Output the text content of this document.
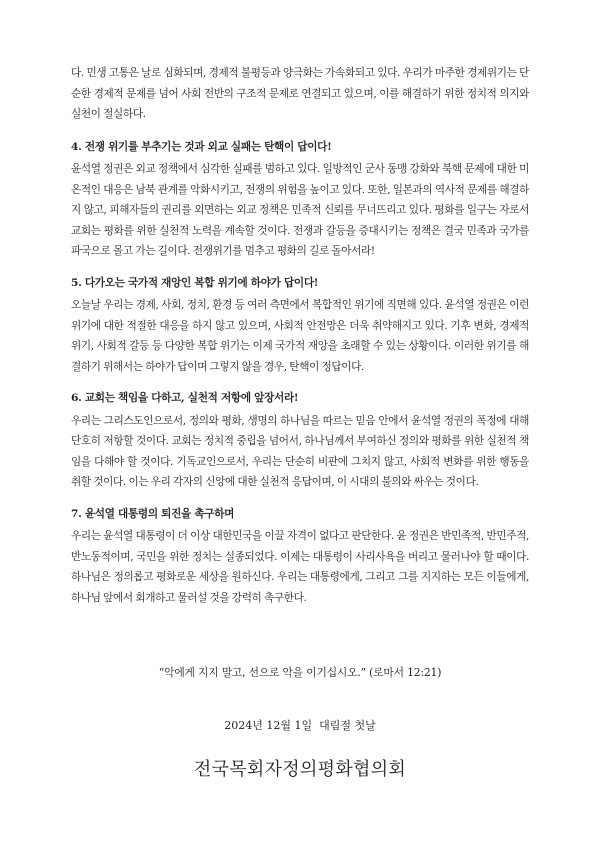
다. 민생 고통은 날로 심화되며, 경제적 불평등과 양극화는 가속화되고 있다. 우리가 마주한 경제위기는 단순한 경제적 문제를 넘어 사회 전반의 구조적 문제로 연결되고 있으며, 이를 해결하기 위한 정치적 의지와 실천이 절실하다.

4. 전쟁 위기를 부추기는 것과 외교 실패는 탄핵이 답이다!

윤석열 정권은 외교 정책에서 심각한 실패를 범하고 있다. 일방적인 군사 동맹 강화와 북핵 문제에 대한 미온적인 대응은 남북 관계를 악화시키고, 전쟁의 위험을 높이고 있다. 또한, 일본과의 역사적 문제를 해결하지 않고, 피해자들의 권리를 외면하는 외교 정책은 민족적 신뢰를 무너뜨리고 있다. 평화를 일구는 자로서 교회는 평화를 위한 실천적 노력을 계속할 것이다. 전쟁과 갈등을 증대시키는 정책은 결국 민족과 국가를 파국으로 몰고 가는 길이다. 전쟁위기를 멈추고 평화의 길로 돌아서라!

5. 다가오는 국가적 재앙인 복합 위기에 하야가 답이다!

오늘날 우리는 경제, 사회, 정치, 환경 등 여러 측면에서 복합적인 위기에 직면해 있다. 윤석열 정권은 이런 위기에 대한 적절한 대응을 하지 않고 있으며, 사회적 안전망은 더욱 취약해지고 있다. 기후 변화, 경제적 위기, 사회적 갈등 등 다양한 복합 위기는 이제 국가적 재앙을 초래할 수 있는 상황이다. 이러한 위기를 해결하기 위해서는 하야가 답이며 그렇지 않을 경우, 탄핵이 정답이다.

6. 교회는 책임을 다하고, 실천적 저항에 앞장서라!

우리는 그리스도인으로서, 정의와 평화, 생명의 하나님을 따르는 믿음 안에서 윤석열 정권의 폭정에 대해 단호히 저항할 것이다. 교회는 정치적 중립을 넘어서, 하나님께서 부여하신 정의와 평화를 위한 실천적 책임을 다해야 할 것이다. 기독교인으로서, 우리는 단순히 비판에 그치지 않고, 사회적 변화를 위한 행동을 취할 것이다. 이는 우리 각자의 신앙에 대한 실천적 응답이며, 이 시대의 불의와 싸우는 것이다.

7. 윤석열 대통령의 퇴진을 촉구하며

우리는 윤석열 대통령이 더 이상 대한민국을 이끌 자격이 없다고 판단한다. 윤 정권은 반민족적, 반민주적, 반노동적이며, 국민을 위한 정치는 실종되었다. 이제는 대통령이 사리사욕을 버리고 물러나야 할 때이다. 하나님은 정의롭고 평화로운 세상을 원하신다. 우리는 대통령에게, 그리고 그를 지지하는 모든 이들에게, 하나님 앞에서 회개하고 물러설 것을 강력히 촉구한다.

“악에게 지지 말고, 선으로 악을 이기십시오.” (로마서 12:21)
2024년 12월 1일  대림절 첫날
전국목회자정의평화협의회
